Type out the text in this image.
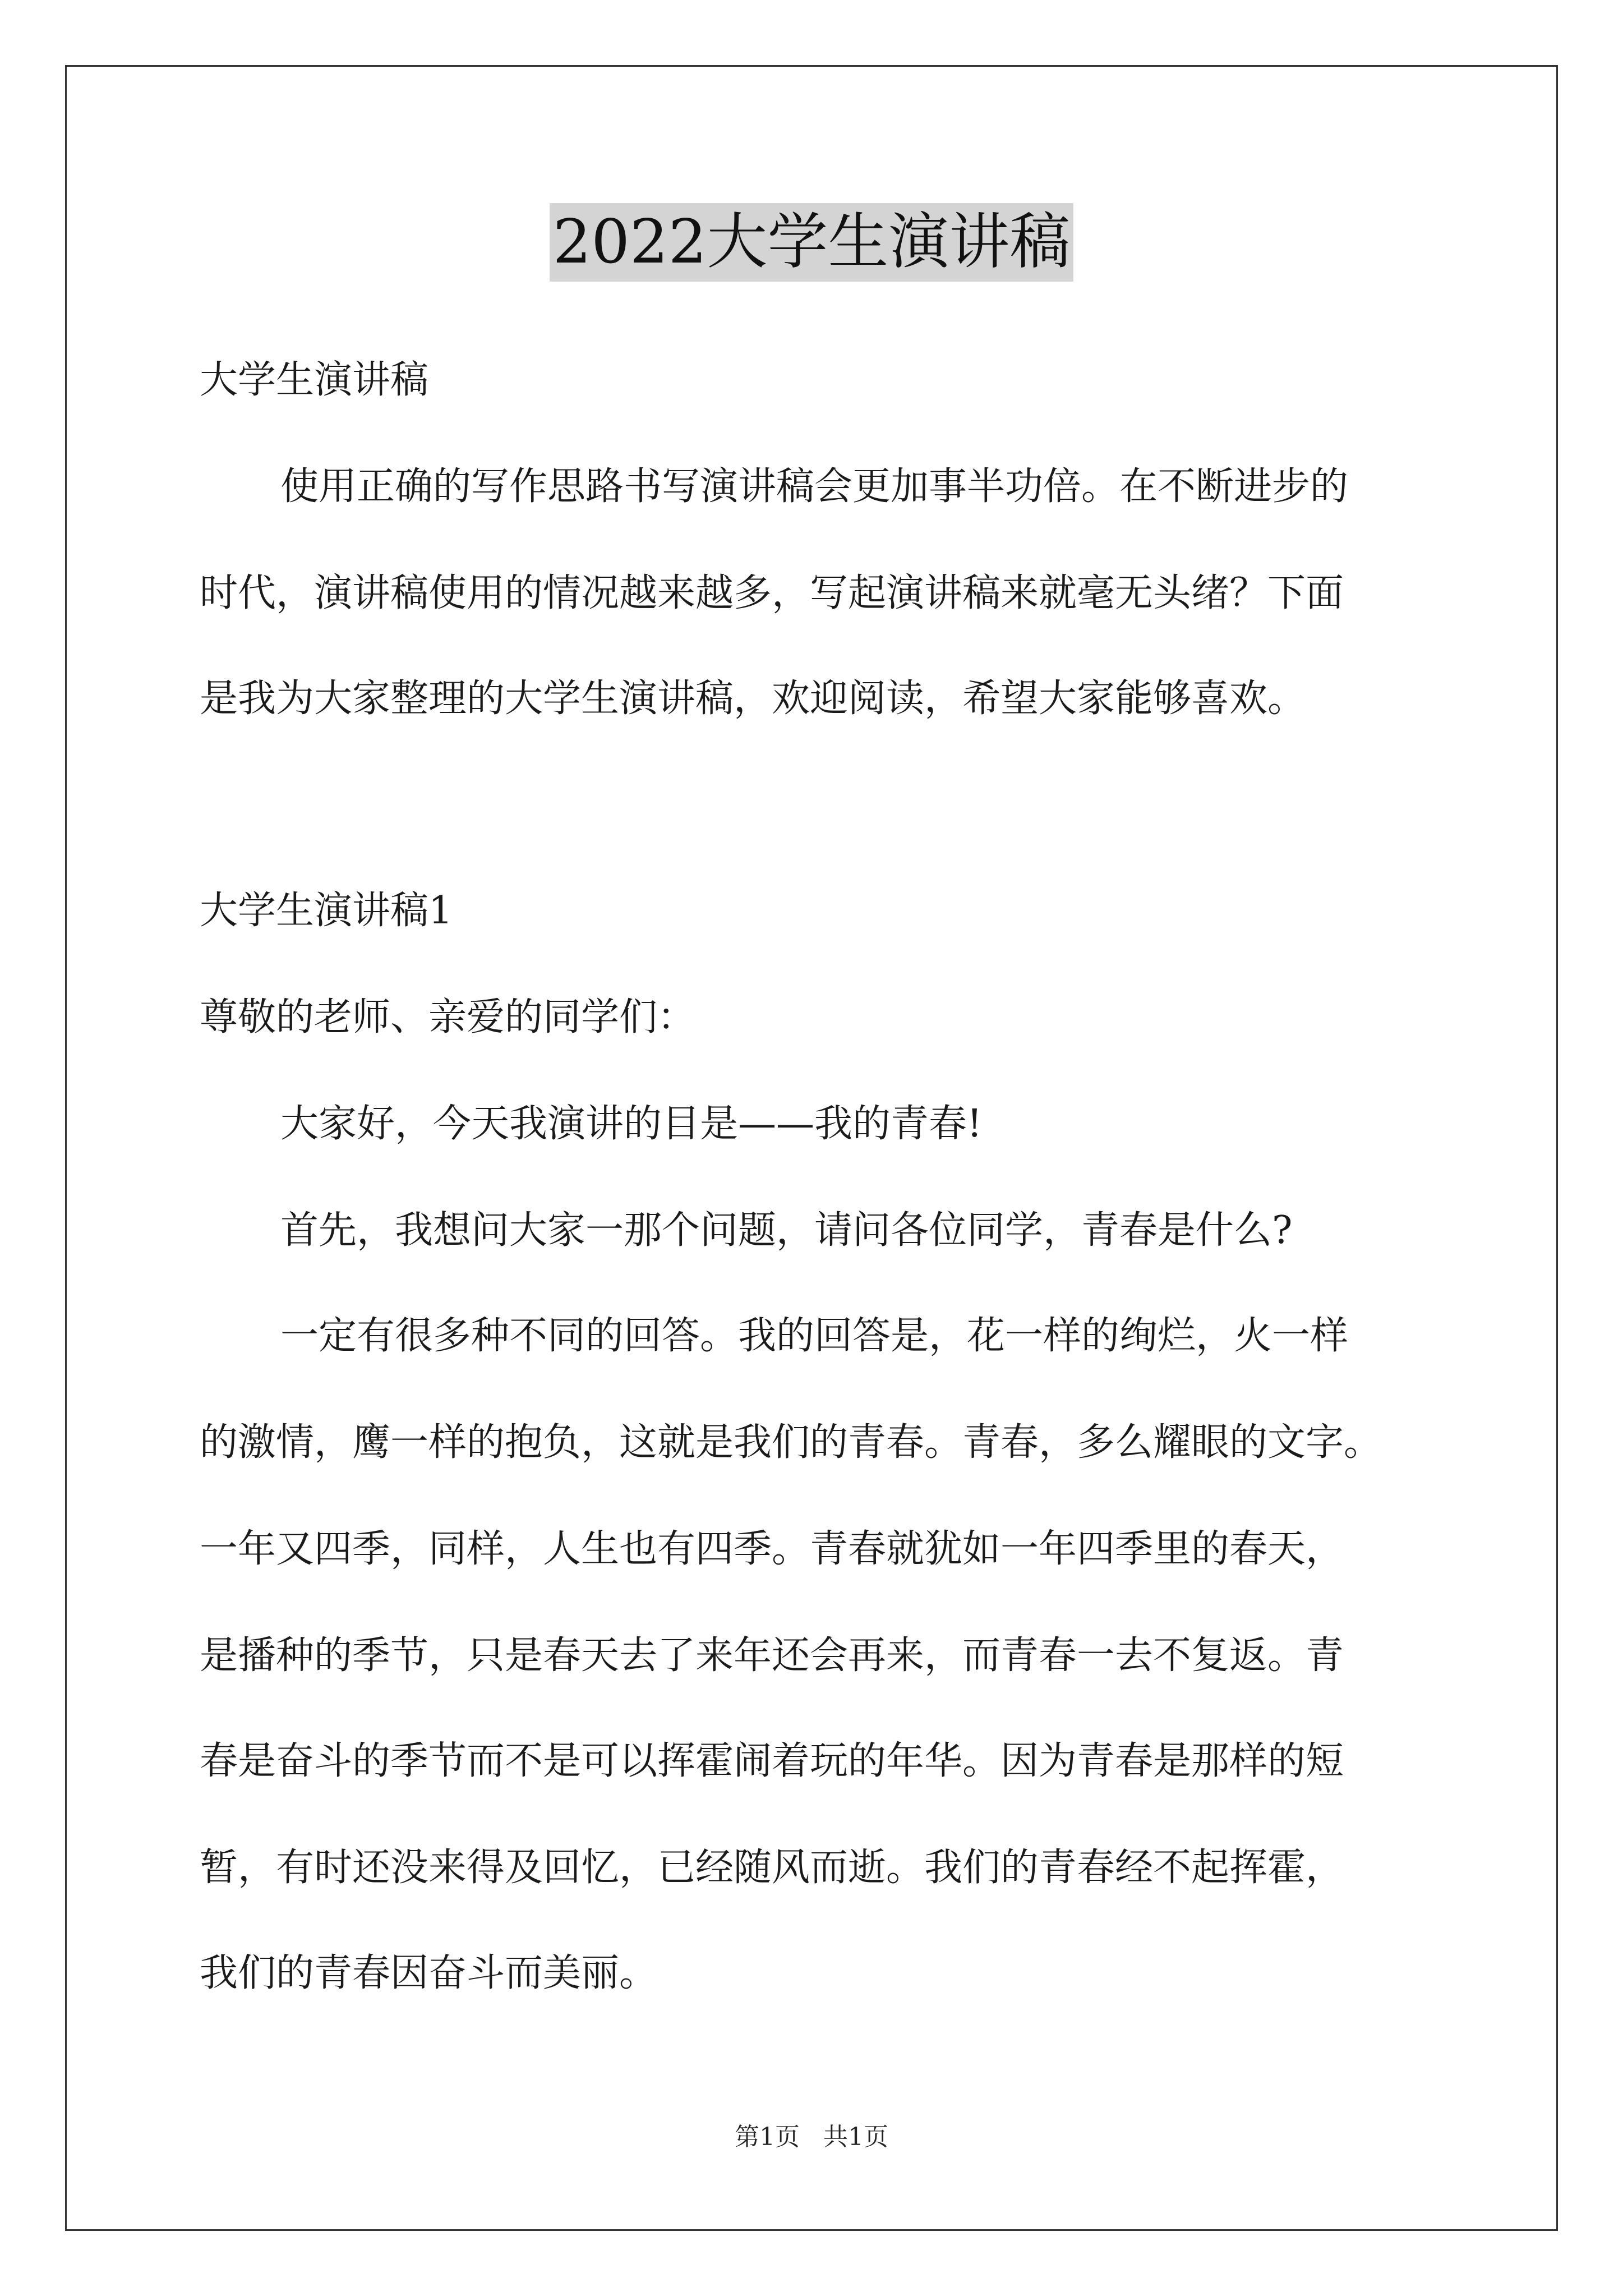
2022大学生演讲稿
大学生演讲稿
使用正确的写作思路书写演讲稿会更加事半功倍。在不断进步的
时代，演讲稿使用的情况越来越多，写起演讲稿来就毫无头绪？下面
是我为大家整理的大学生演讲稿，欢迎阅读，希望大家能够喜欢。
大学生演讲稿1
尊敬的老师、亲爱的同学们：
大家好，今天我演讲的目是——我的青春!
首先，我想问大家一那个问题，请问各位同学，青春是什么?
一定有很多种不同的回答。我的回答是，花一样的绚烂，火一样
的激情，鹰一样的抱负，这就是我们的青春。青春，多么耀眼的文字。
一年又四季，同样，人生也有四季。青春就犹如一年四季里的春天，
是播种的季节，只是春天去了来年还会再来，而青春一去不复返。青
春是奋斗的季节而不是可以挥霍闹着玩的年华。因为青春是那样的短
暂，有时还没来得及回忆，已经随风而逝。我们的青春经不起挥霍，
我们的青春因奋斗而美丽。
第1页   共1页
